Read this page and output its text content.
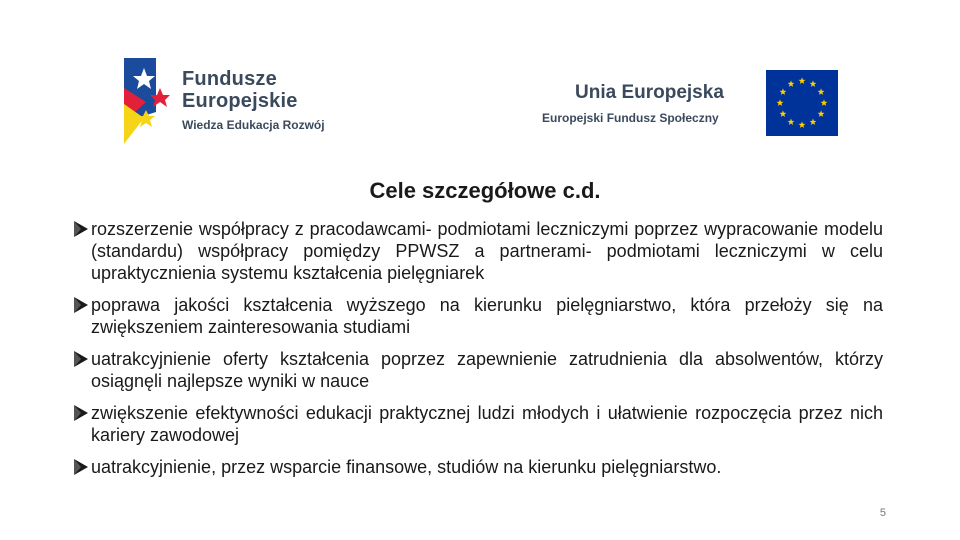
Fundusze
Europejskie
Wiedza Edukacja Rozwój
Unia Europejska
Europejski Fundusz Społeczny
Cele szczegółowe c.d.
rozszerzenie współpracy z pracodawcami- podmiotami leczniczymi poprzez wypracowanie modelu (standardu) współpracy pomiędzy PPWSZ a partnerami- podmiotami leczniczymi w celu upraktycznienia systemu kształcenia pielęgniarek
poprawa jakości kształcenia wyższego na kierunku pielęgniarstwo, która przełoży się na zwiększeniem zainteresowania studiami
uatrakcyjnienie oferty kształcenia poprzez zapewnienie zatrudnienia dla absolwentów, którzy osiągnęli najlepsze wyniki w nauce
zwiększenie efektywności edukacji praktycznej ludzi młodych i ułatwienie rozpoczęcia przez nich kariery zawodowej
uatrakcyjnienie, przez wsparcie finansowe, studiów na kierunku pielęgniarstwo.
5
